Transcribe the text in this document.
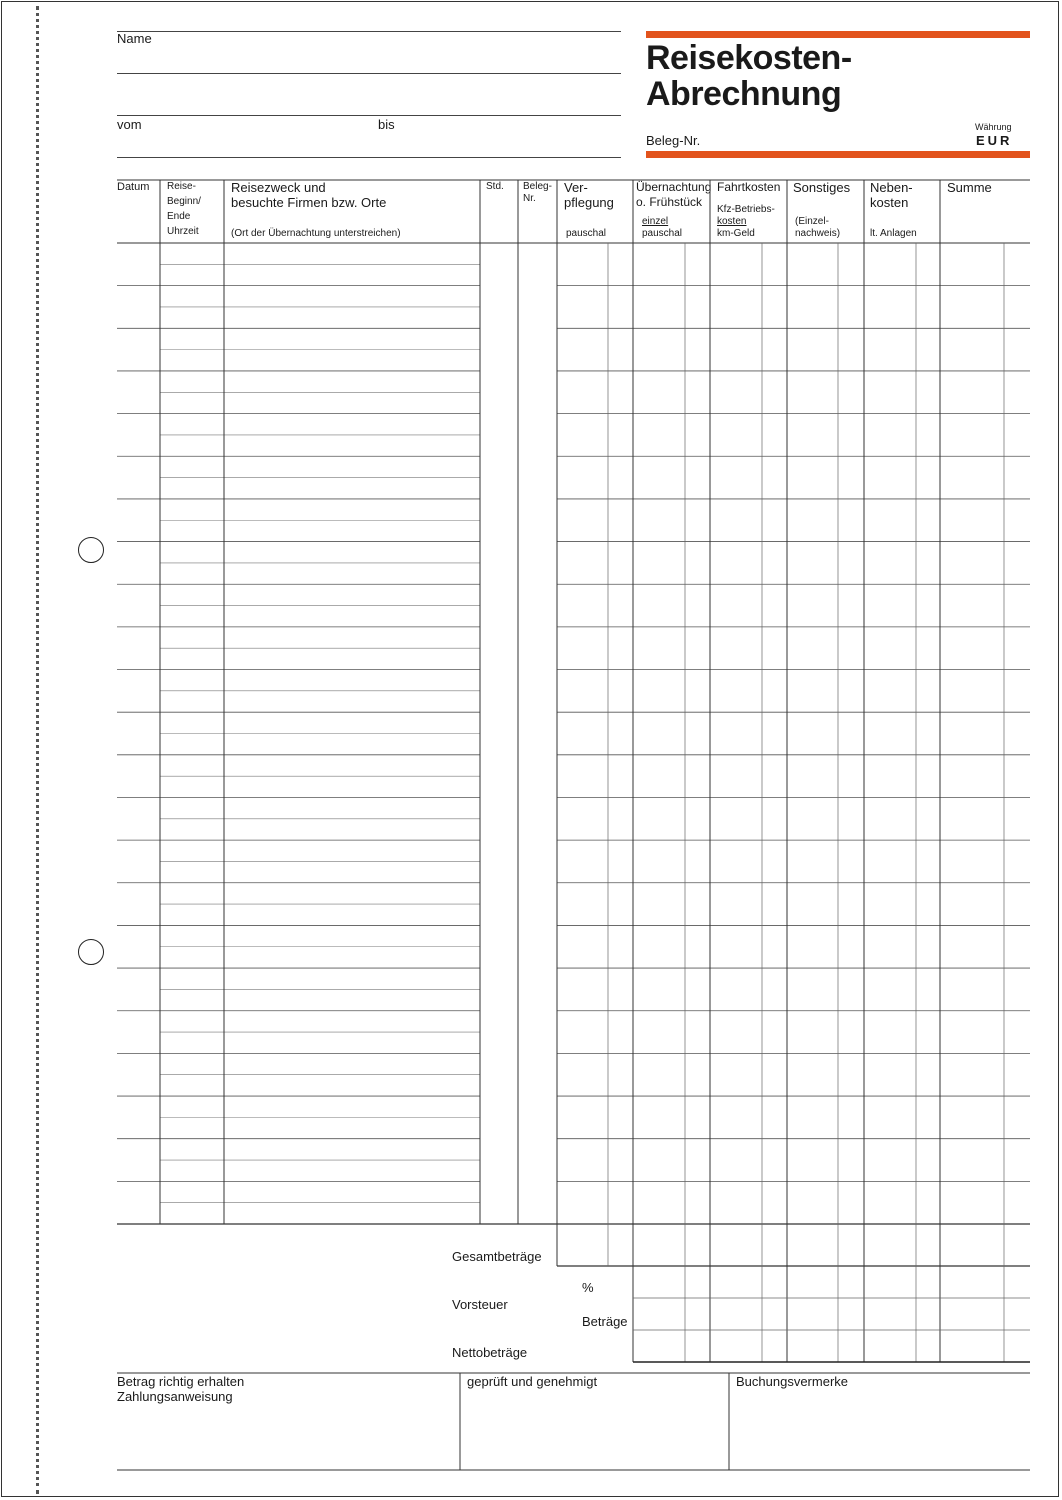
Name
vom	bis
Reisekosten-
Abrechnung
Beleg-Nr.
Währung
EUR
Datum Reise-
Beginn/
Ende
Uhrzeit
Reisezweck und
besuchte Firmen bzw. Orte
(Ort der Übernachtung unterstreichen)
Std. Beleg-
Nr.
Ver-
pflegung
pauschal
Übernachtung
o. Frühstück
einzel
pauschal
Fahrtkosten
Kfz-Betriebs-
kosten
km-Geld
Sonstiges
(Einzel-
nachweis)
Neben-
kosten
lt. Anlagen
Summe
Gesamtbeträge
%
Vorsteuer
Beträge
Nettobeträge
Betrag richtig erhalten
Zahlungsanweisung
geprüft und genehmigt	Buchungsvermerke
